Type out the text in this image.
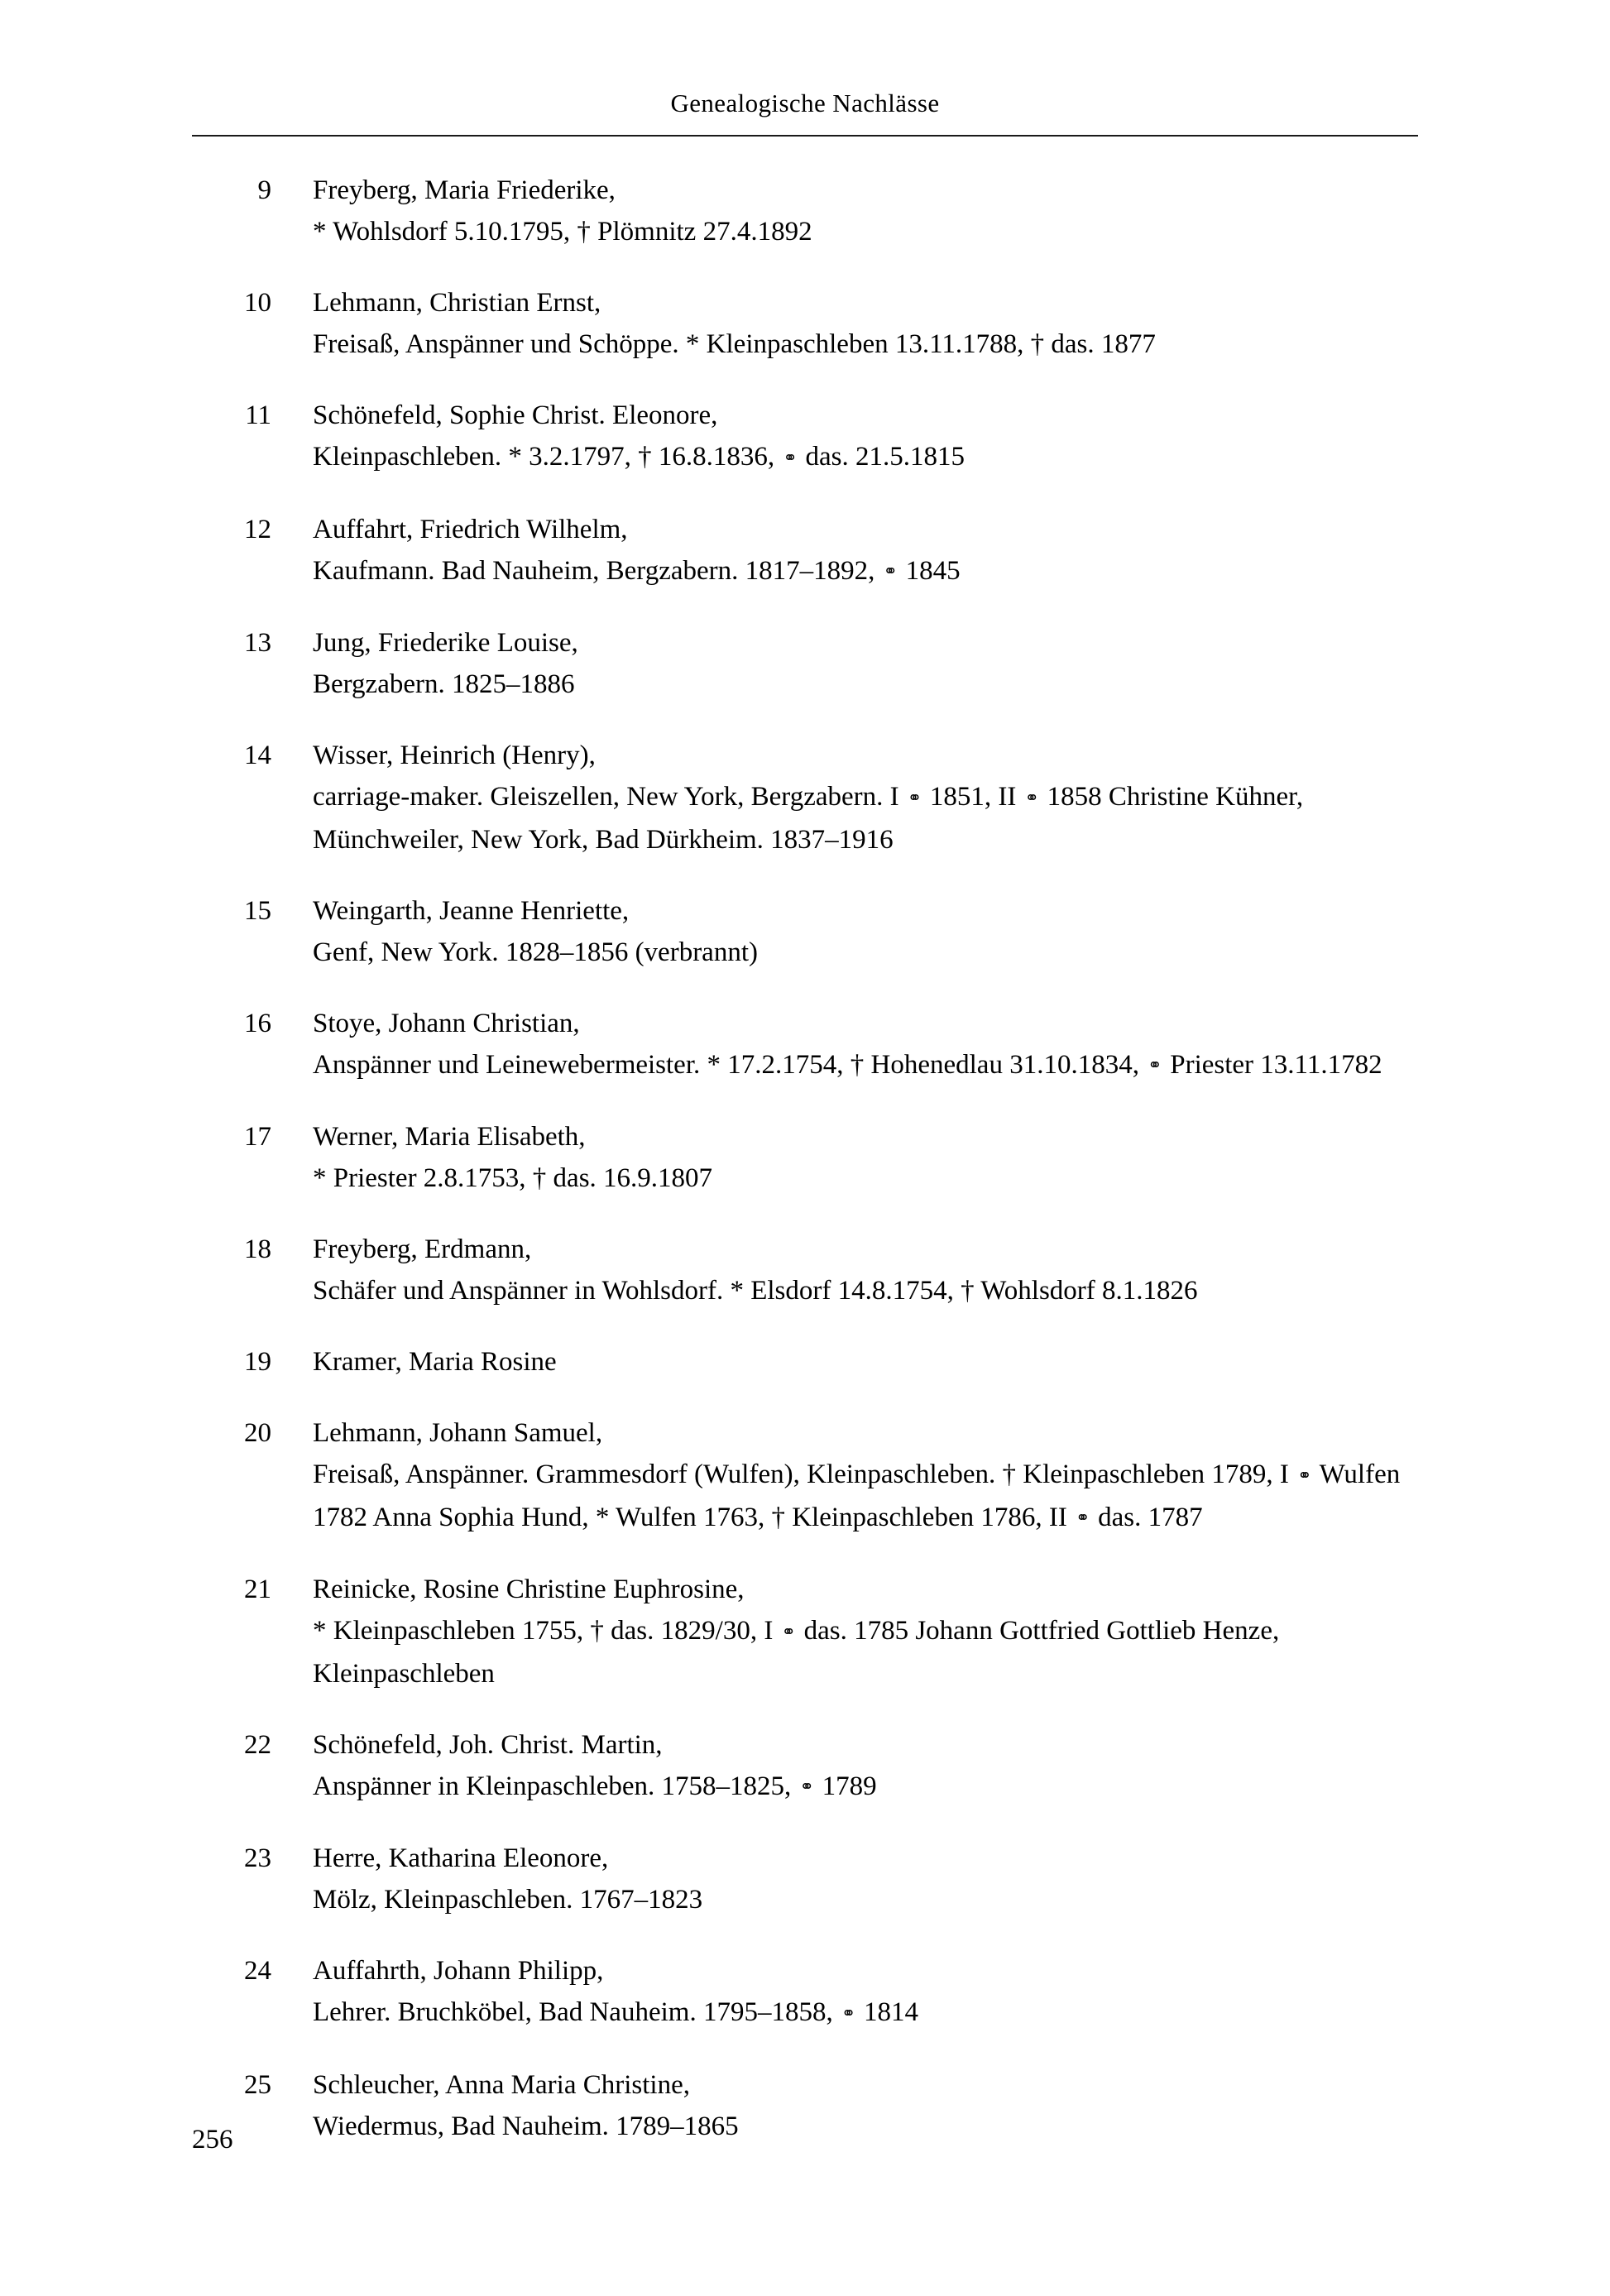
Genealogische Nachlässe
9 Freyberg, Maria Friederike,
* Wohlsdorf 5.10.1795, † Plömnitz 27.4.1892
10 Lehmann, Christian Ernst,
Freisaß, Anspänner und Schöppe. * Kleinpaschleben 13.11.1788, † das. 1877
11 Schönefeld, Sophie Christ. Eleonore,
Kleinpaschleben. * 3.2.1797, † 16.8.1836, ⚭ das. 21.5.1815
12 Auffahrt, Friedrich Wilhelm,
Kaufmann. Bad Nauheim, Bergzabern. 1817–1892, ⚭ 1845
13 Jung, Friederike Louise,
Bergzabern. 1825–1886
14 Wisser, Heinrich (Henry),
carriage-maker. Gleiszellen, New York, Bergzabern. I ⚭ 1851, II ⚭ 1858 Christine Kühner, Münchweiler, New York, Bad Dürkheim. 1837–1916
15 Weingarth, Jeanne Henriette,
Genf, New York. 1828–1856 (verbrannt)
16 Stoye, Johann Christian,
Anspänner und Leinewebermeister. * 17.2.1754, † Hohenedlau 31.10.1834, ⚭ Priester 13.11.1782
17 Werner, Maria Elisabeth,
* Priester 2.8.1753, † das. 16.9.1807
18 Freyberg, Erdmann,
Schäfer und Anspänner in Wohlsdorf. * Elsdorf 14.8.1754, † Wohlsdorf 8.1.1826
19 Kramer, Maria Rosine
20 Lehmann, Johann Samuel,
Freisaß, Anspänner. Grammesdorf (Wulfen), Kleinpaschleben. † Kleinpaschleben 1789, I ⚭ Wulfen 1782 Anna Sophia Hund, * Wulfen 1763, † Kleinpaschleben 1786, II ⚭ das. 1787
21 Reinicke, Rosine Christine Euphrosine,
* Kleinpaschleben 1755, † das. 1829/30, I ⚭ das. 1785 Johann Gottfried Gottlieb Henze, Kleinpaschleben
22 Schönefeld, Joh. Christ. Martin,
Anspänner in Kleinpaschleben. 1758–1825, ⚭ 1789
23 Herre, Katharina Eleonore,
Mölz, Kleinpaschleben. 1767–1823
24 Auffahrth, Johann Philipp,
Lehrer. Bruchköbel, Bad Nauheim. 1795–1858, ⚭ 1814
25 Schleucher, Anna Maria Christine,
Wiedermus, Bad Nauheim. 1789–1865
256
